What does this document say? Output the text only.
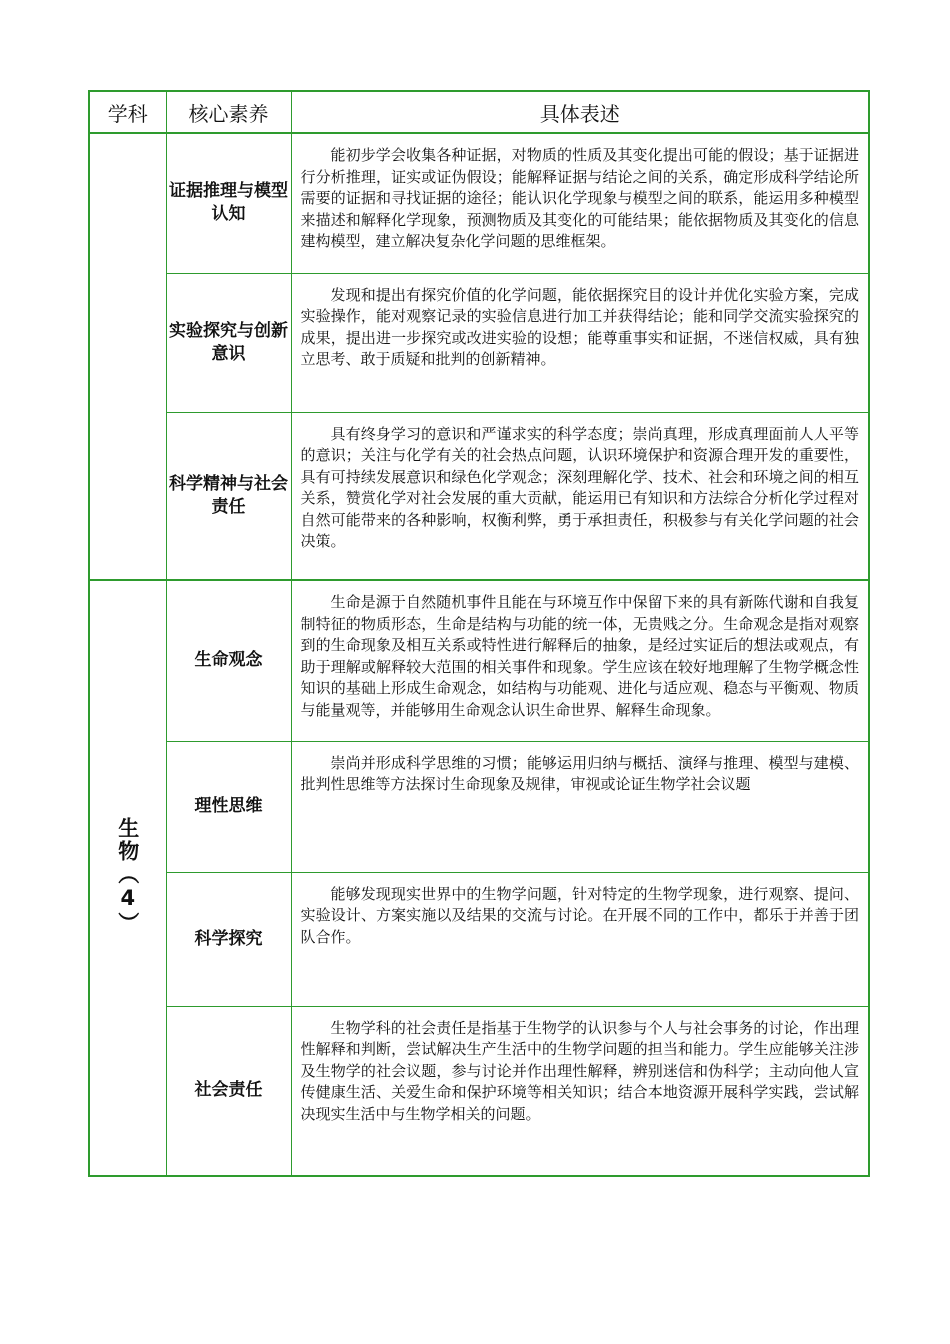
学科	核心素养	具体表述
	证据推理与模型认知	能初步学会收集各种证据，对物质的性质及其变化提出可能的假设；基于证据进行分析推理，证实或证伪假设；能解释证据与结论之间的关系，确定形成科学结论所需要的证据和寻找证据的途径；能认识化学现象与模型之间的联系，能运用多种模型来描述和解释化学现象，预测物质及其变化的可能结果；能依据物质及其变化的信息建构模型，建立解决复杂化学问题的思维框架。

	实验探究与创新意识	发现和提出有探究价值的化学问题，能依据探究目的设计并优化实验方案，完成实验操作，能对观察记录的实验信息进行加工并获得结论；能和同学交流实验探究的成果，提出进一步探究或改进实验的设想；能尊重事实和证据，不迷信权威，具有独立思考、敢于质疑和批判的创新精神。

	科学精神与社会责任	具有终身学习的意识和严谨求实的科学态度；崇尚真理，形成真理面前人人平等的意识；关注与化学有关的社会热点问题，认识环境保护和资源合理开发的重要性，具有可持续发展意识和绿色化学观念；深刻理解化学、技术、社会和环境之间的相互关系，赞赏化学对社会发展的重大贡献，能运用已有知识和方法综合分析化学过程对自然可能带来的各种影响，权衡利弊，勇于承担责任，积极参与有关化学问题的社会决策。

生物（4）	生命观念	生命是源于自然随机事件且能在与环境互作中保留下来的具有新陈代谢和自我复制特征的物质形态，生命是结构与功能的统一体，无贵贱之分。生命观念是指对观察到的生命现象及相互关系或特性进行解释后的抽象，是经过实证后的想法或观点，有助于理解或解释较大范围的相关事件和现象。学生应该在较好地理解了生物学概念性知识的基础上形成生命观念，如结构与功能观、进化与适应观、稳态与平衡观、物质与能量观等，并能够用生命观念认识生命世界、解释生命现象。

	理性思维	崇尚并形成科学思维的习惯；能够运用归纳与概括、演绎与推理、模型与建模、批判性思维等方法探讨生命现象及规律，审视或论证生物学社会议题

	科学探究	能够发现现实世界中的生物学问题，针对特定的生物学现象，进行观察、提问、实验设计、方案实施以及结果的交流与讨论。在开展不同的工作中，都乐于并善于团队合作。

	社会责任	生物学科的社会责任是指基于生物学的认识参与个人与社会事务的讨论，作出理性解释和判断，尝试解决生产生活中的生物学问题的担当和能力。学生应能够关注涉及生物学的社会议题，参与讨论并作出理性解释，辨别迷信和伪科学；主动向他人宣传健康生活、关爱生命和保护环境等相关知识；结合本地资源开展科学实践，尝试解决现实生活中与生物学相关的问题。
